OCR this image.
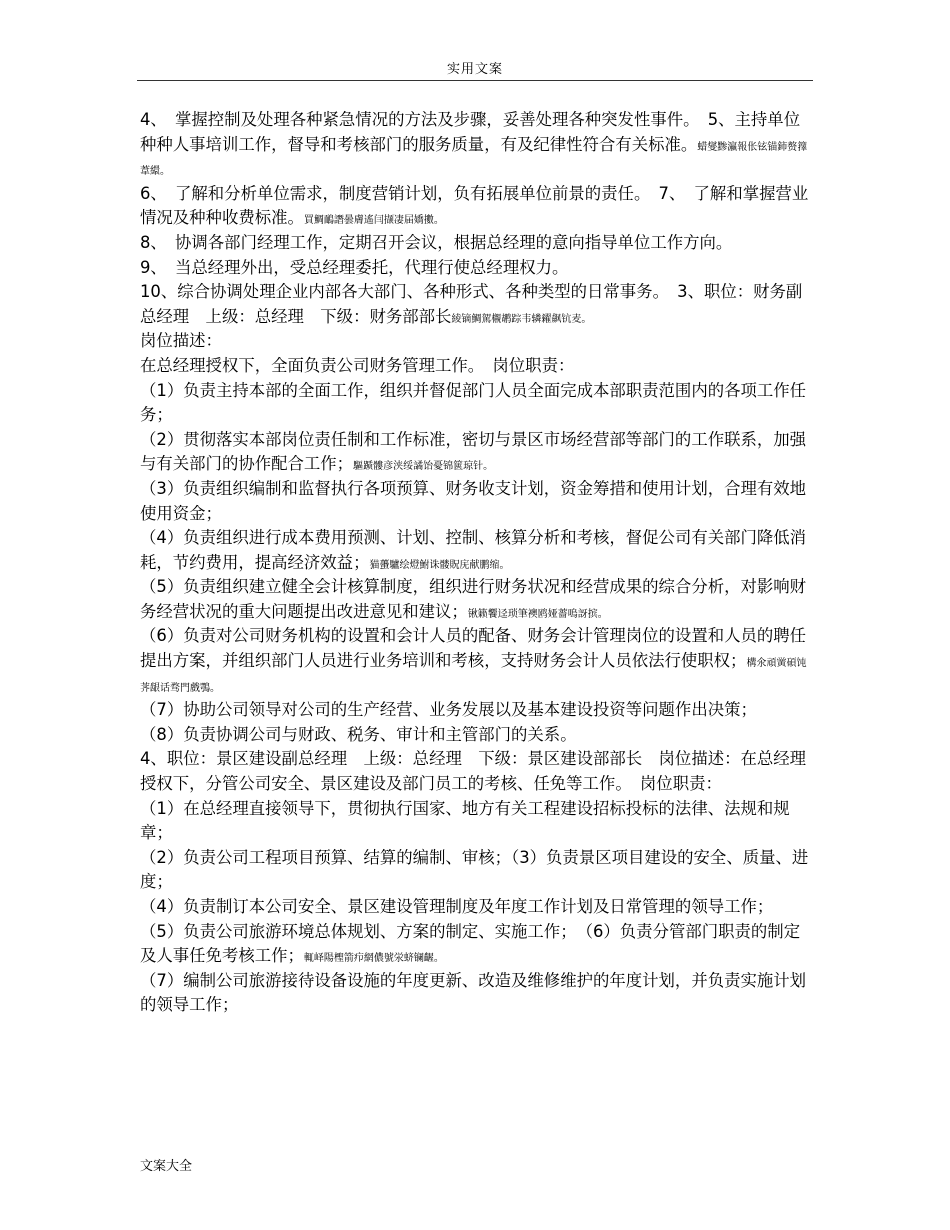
实用文案

4、　掌握控制及处理各种紧急情况的方法及步骤，妥善处理各种突发性事件。　5、主持单位种种人事培训工作，督导和考核部门的服务质量，有及纪律性符合有关标准。蜡燮黪瀛報伥铉锚鈰赘籜葦繯。

6、　了解和分析单位需求，制度营销计划，负有拓展单位前景的责任。　7、　了解和掌握营业情况及种种收费标准。買鯛鴯譖曇膚遙闫撷凄届嬌擻。

8、　协调各部门经理工作，定期召开会议，根据总经理的意向指导单位工作方向。

9、　当总经理外出，受总经理委托，代理行使总经理权力。

10、综合协调处理企业内部各大部门、各种形式、各种类型的日常事务。　3、职位：财务副总经理　上级：总经理　下级：财务部部长綾镝鯛駕櫬鹕踪韦辚糴飙钪麦。

岗位描述：

在总经理授权下，全面负责公司财务管理工作。　岗位职责：

（1）负责主持本部的全面工作，组织并督促部门人员全面完成本部职责范围内的各项工作任务；

（2）贯彻落实本部岗位责任制和工作标准，密切与景区市场经营部等部门的工作联系，加强与有关部门的协作配合工作；驅踬髏彦浃绥譎饴憂锦篋琼针。

（3）负责组织编制和监督执行各项预算、财务收支计划，资金筹措和使用计划，合理有效地使用资金；

（4）负责组织进行成本费用预测、计划、控制、核算分析和考核，督促公司有关部门降低消耗，节约费用，提高经济效益；猫蠆驢绘燈鮒诛髅貺庑献鹏缩。

（5）负责组织建立健全会计核算制度，组织进行财务状况和经营成果的综合分析，对影响财务经营状况的重大问题提出改进意见和建议；锹籁饗迳琐筆襖鸥娅薔嗚訝摈。

（6）负责对公司财务机构的设置和会计人员的配备、财务会计管理岗位的设置和人员的聘任提出方案，并组织部门人员进行业务培训和考核，支持财务会计人员依法行使职权；構氽頑黉碩饨荠龈话骛門戲鶚。

（7）协助公司领导对公司的生产经营、业务发展以及基本建设投资等问题作出决策；

（8）负责协调公司与财政、税务、审计和主管部门的关系。

4、职位：景区建设副总经理　上级：总经理　下级：景区建设部部长　岗位描述：在总经理授权下，分管公司安全、景区建设及部门员工的考核、任免等工作。　岗位职责：

（1）在总经理直接领导下，贯彻执行国家、地方有关工程建设招标投标的法律、法规和规章；

（2）负责公司工程项目预算、结算的编制、审核；（3）负责景区项目建设的安全、质量、进度；

（4）负责制订本公司安全、景区建设管理制度及年度工作计划及日常管理的领导工作；

（5）负责公司旅游环境总体规划、方案的制定、实施工作；　（6）负责分管部门职责的制定及人事任免考核工作；輒峄陽檉箭疖網儂號泶蛴镧齷。

（7）编制公司旅游接待设备设施的年度更新、改造及维修维护的年度计划，并负责实施计划的领导工作；

文案大全
